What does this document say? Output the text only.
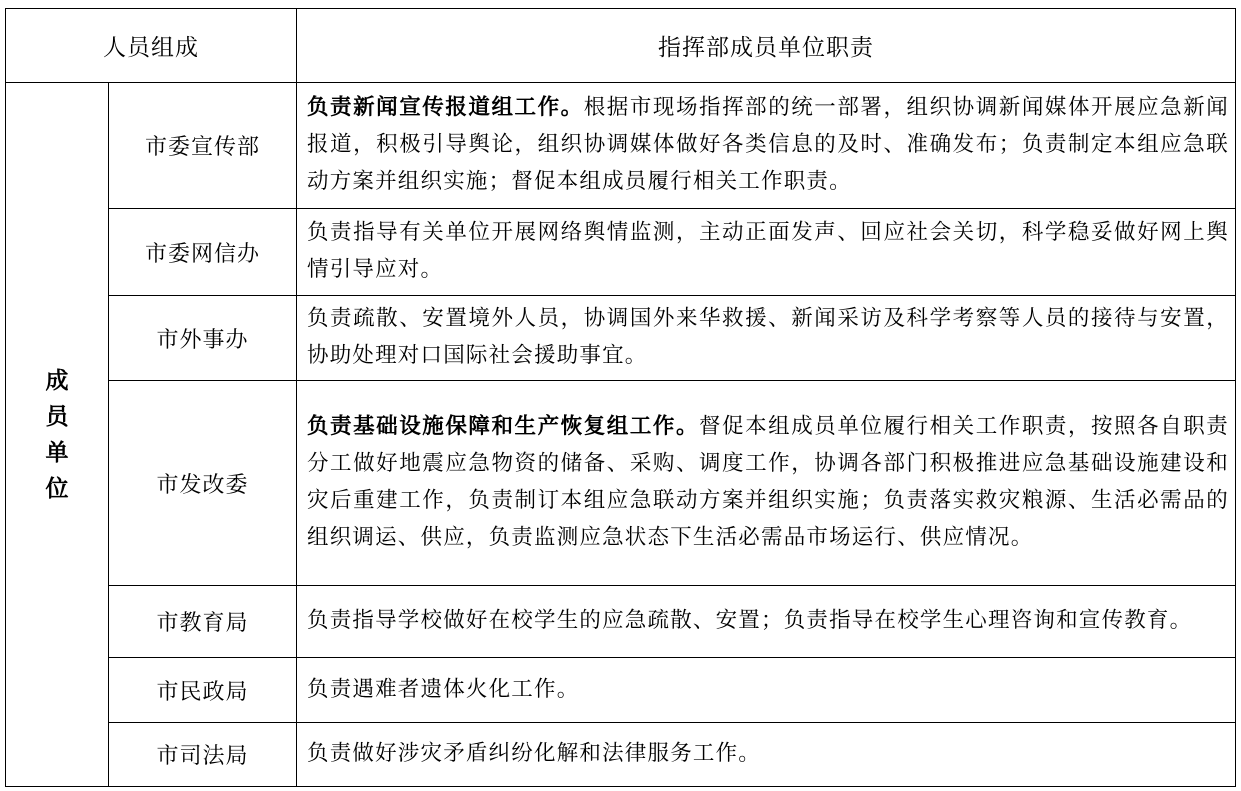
人员组成		指挥部成员单位职责

成
员
单
位	市委宣传部	负责新闻宣传报道组工作。根据市现场指挥部的统一部署，组织协调新闻媒体开展应急新闻报道，积极引导舆论，组织协调媒体做好各类信息的及时、准确发布；负责制定本组应急联动方案并组织实施；督促本组成员履行相关工作职责。
	市委网信办	负责指导有关单位开展网络舆情监测，主动正面发声、回应社会关切，科学稳妥做好网上舆情引导应对。
	市外事办	负责疏散、安置境外人员，协调国外来华救援、新闻采访及科学考察等人员的接待与安置，协助处理对口国际社会援助事宜。
	市发改委	负责基础设施保障和生产恢复组工作。督促本组成员单位履行相关工作职责，按照各自职责分工做好地震应急物资的储备、采购、调度工作，协调各部门积极推进应急基础设施建设和灾后重建工作，负责制订本组应急联动方案并组织实施；负责落实救灾粮源、生活必需品的组织调运、供应，负责监测应急状态下生活必需品市场运行、供应情况。
	市教育局	负责指导学校做好在校学生的应急疏散、安置；负责指导在校学生心理咨询和宣传教育。
	市民政局	负责遇难者遗体火化工作。
	市司法局	负责做好涉灾矛盾纠纷化解和法律服务工作。
